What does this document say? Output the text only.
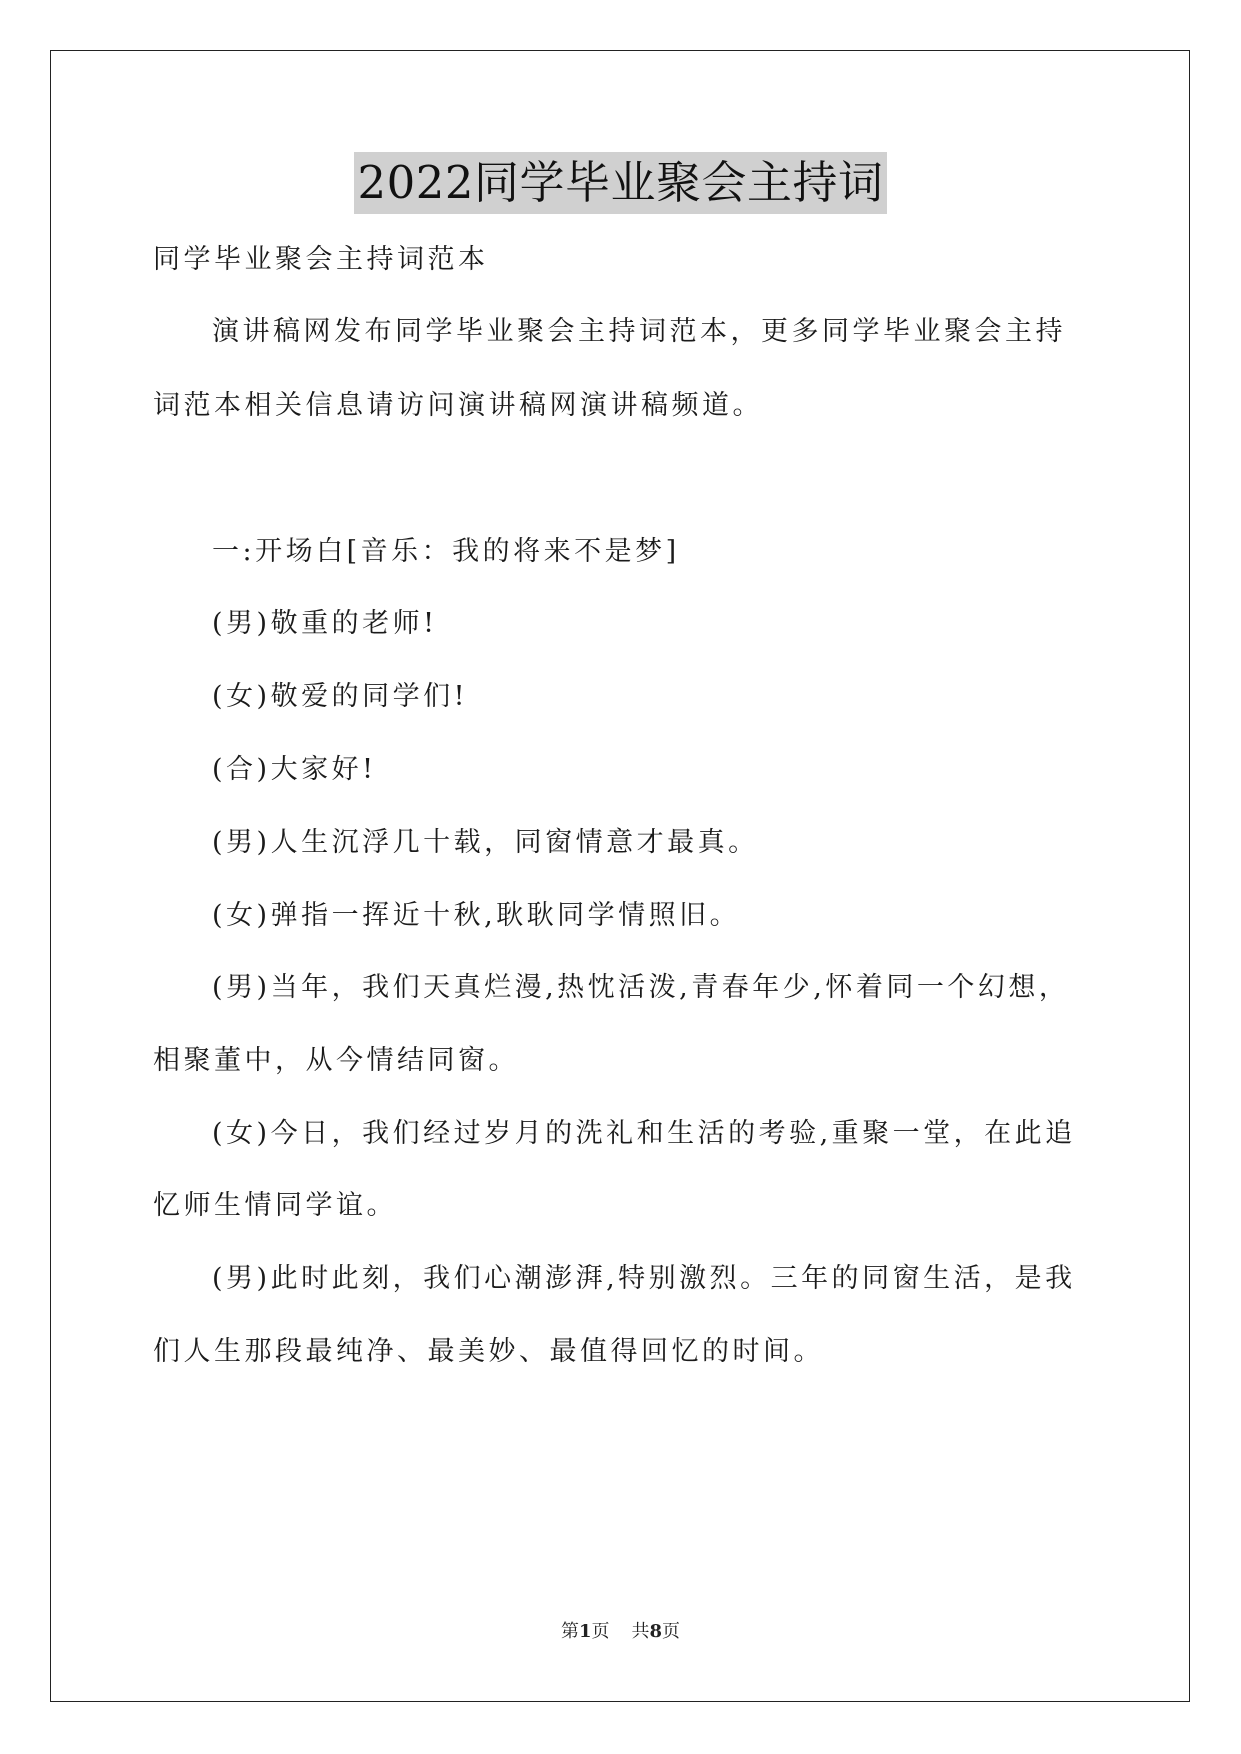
2022同学毕业聚会主持词
同学毕业聚会主持词范本
演讲稿网发布同学毕业聚会主持词范本，更多同学毕业聚会主持
词范本相关信息请访问演讲稿网演讲稿频道。
一:开场白[音乐：我的将来不是梦]
(男)敬重的老师!
(女)敬爱的同学们!
(合)大家好!
(男)人生沉浮几十载，同窗情意才最真。
(女)弹指一挥近十秋,耿耿同学情照旧。
(男)当年，我们天真烂漫,热忱活泼,青春年少,怀着同一个幻想，
相聚董中，从今情结同窗。
(女)今日，我们经过岁月的洗礼和生活的考验,重聚一堂，在此追
忆师生情同学谊。
(男)此时此刻，我们心潮澎湃,特别激烈。三年的同窗生活，是我
们人生那段最纯净、最美妙、最值得回忆的时间。
第1页 共8页
